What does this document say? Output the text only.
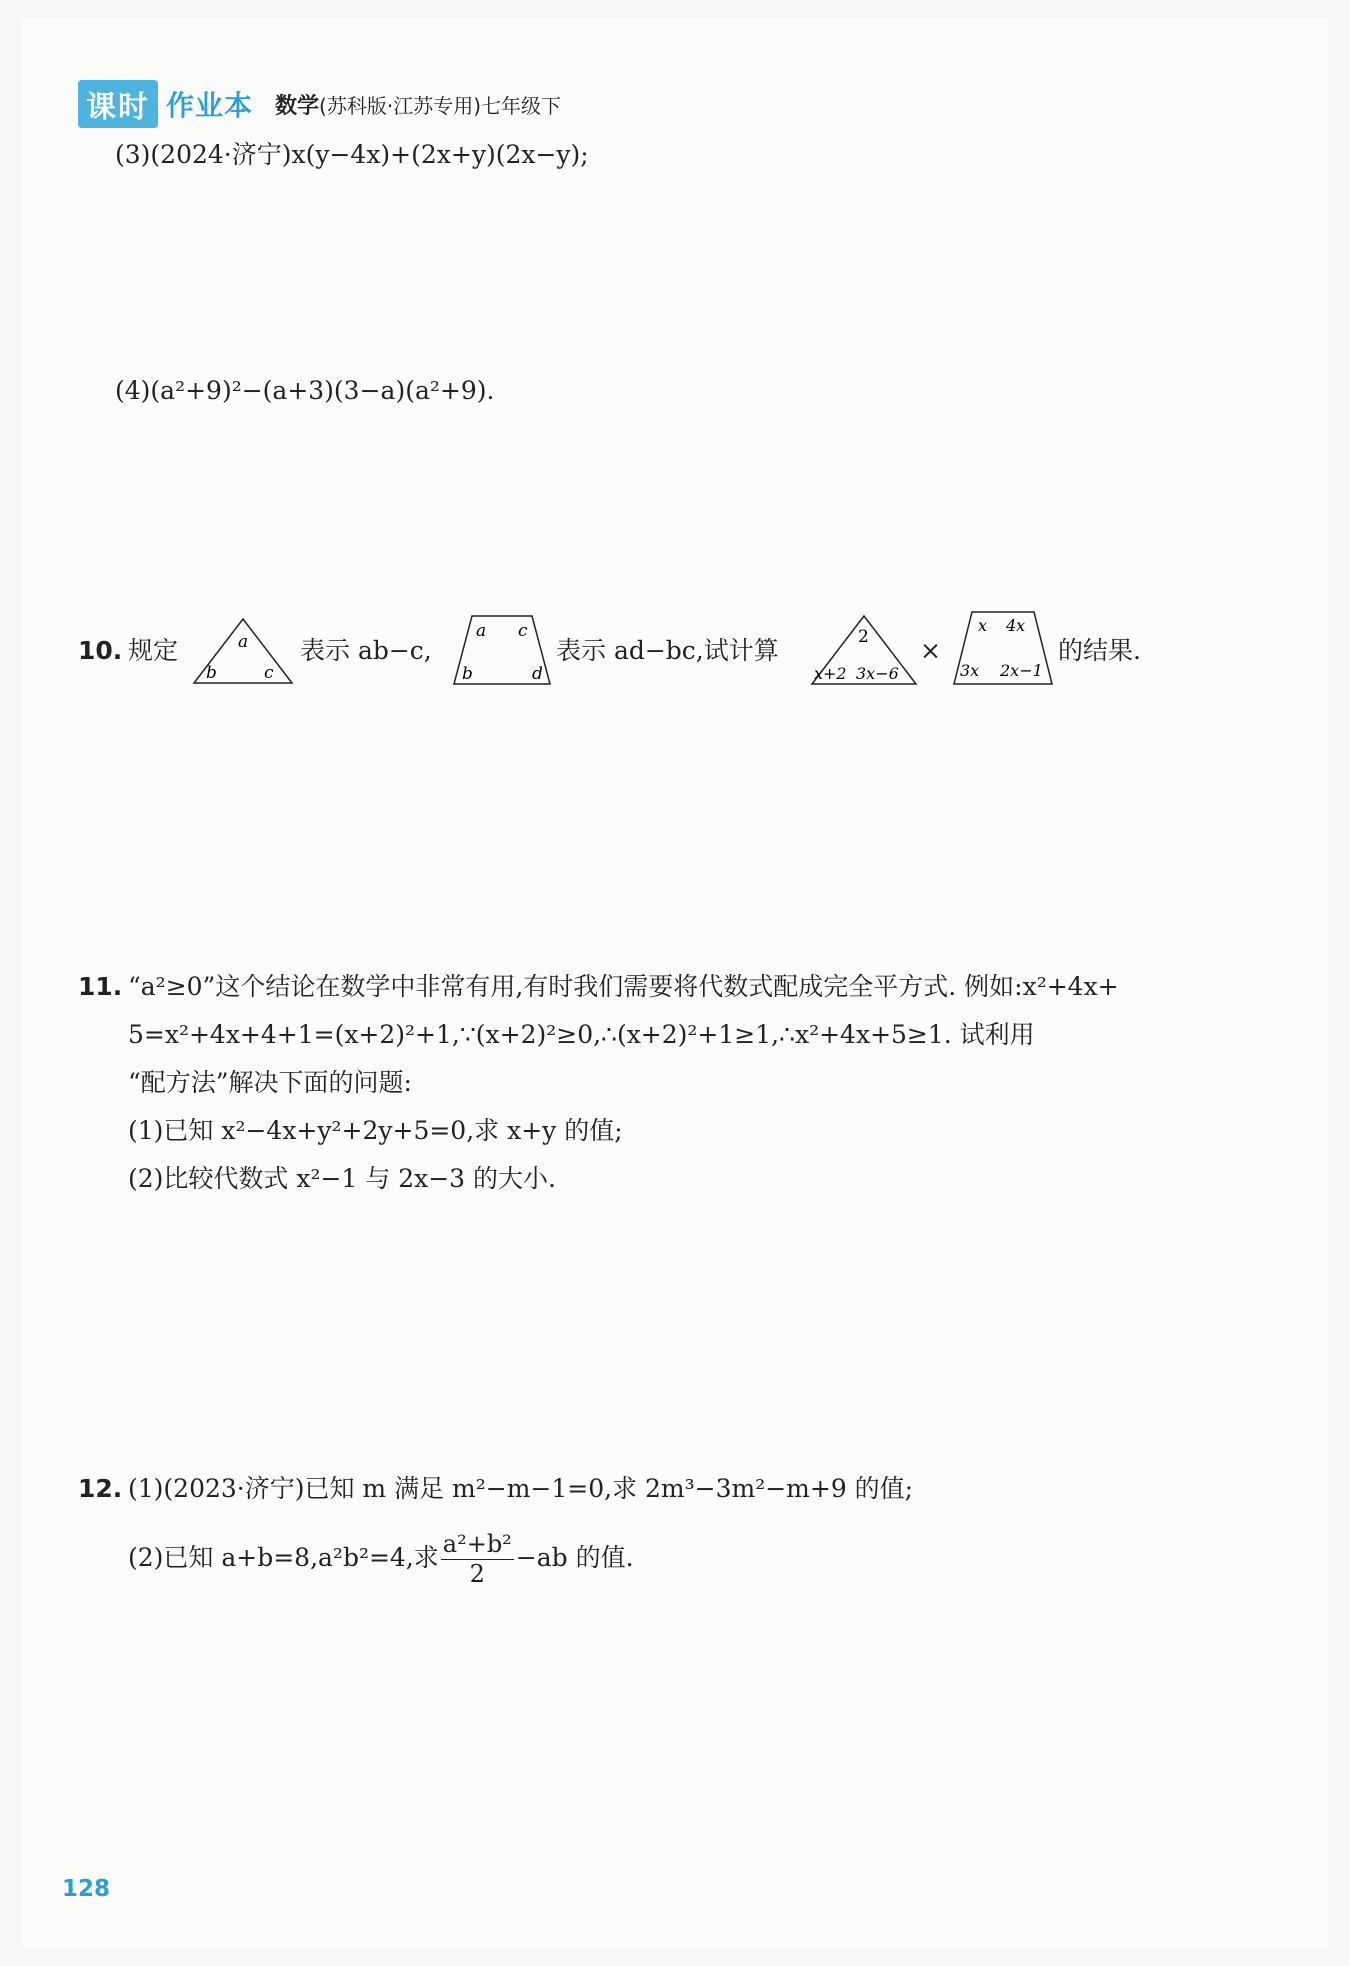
课时 作业本 数学(苏科版·江苏专用)七年级下
(3)(2024·济宁)x(y−4x)+(2x+y)(2x−y);
(4)(a²+9)²−(a+3)(3−a)(a²+9).
10. 规定	a
b	c
表示 ab−c,
a c
b	d
表示 ad−bc,试计算	2
x+2 3x−6
×
x 4x
3x 2x−1
的结果.
11. “a²≥0”这个结论在数学中非常有用,有时我们需要将代数式配成完全平方式. 例如:x²+4x+
5=x²+4x+4+1=(x+2)²+1,∵(x+2)²≥0,∴(x+2)²+1≥1,∴x²+4x+5≥1. 试利用
“配方法”解决下面的问题:
(1)已知 x²−4x+y²+2y+5=0,求 x+y 的值;
(2)比较代数式 x²−1 与 2x−3 的大小.
12. (1)(2023·济宁)已知 m 满足 m²−m−1=0,求 2m³−3m²−m+9 的值;
(2)已知 a+b=8,a²b²=4,求 $\frac{\text{a²+b²}}{2} -ab$ 的值.
128
